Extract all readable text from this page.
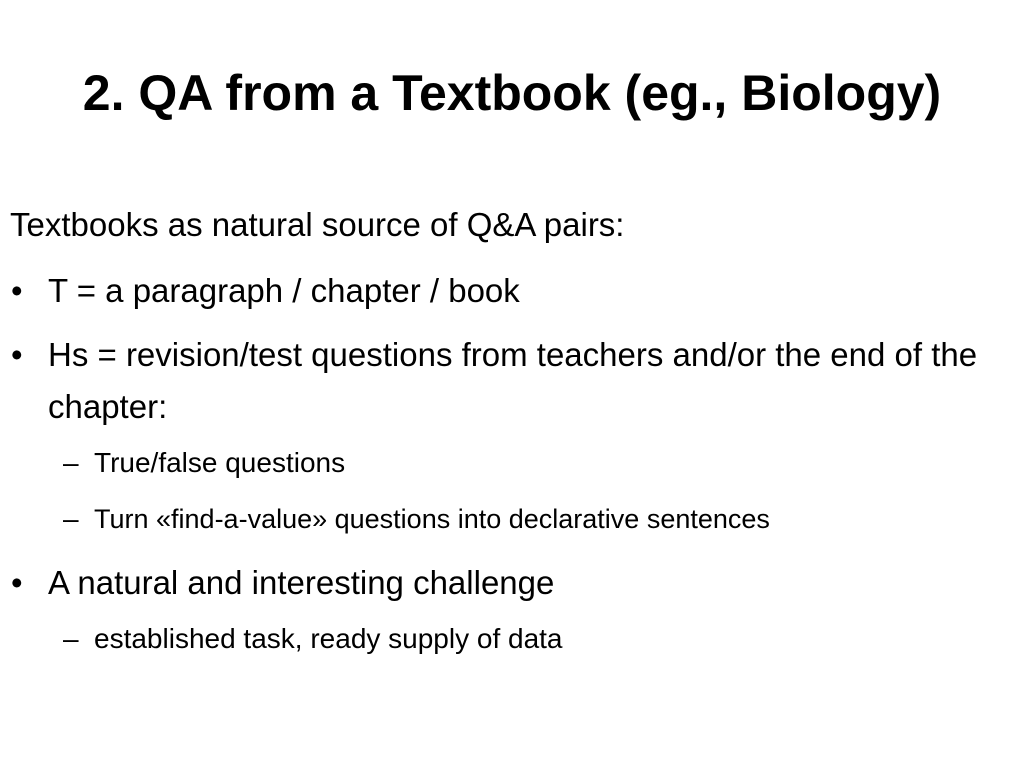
2. QA from a Textbook (eg., Biology)
Textbooks as natural source of Q&A pairs:
• T = a paragraph / chapter / book
• Hs = revision/test questions from teachers and/or the end of the chapter:
– True/false questions
– Turn «find-a-value» questions into declarative sentences
• A natural and interesting challenge
– established task, ready supply of data
